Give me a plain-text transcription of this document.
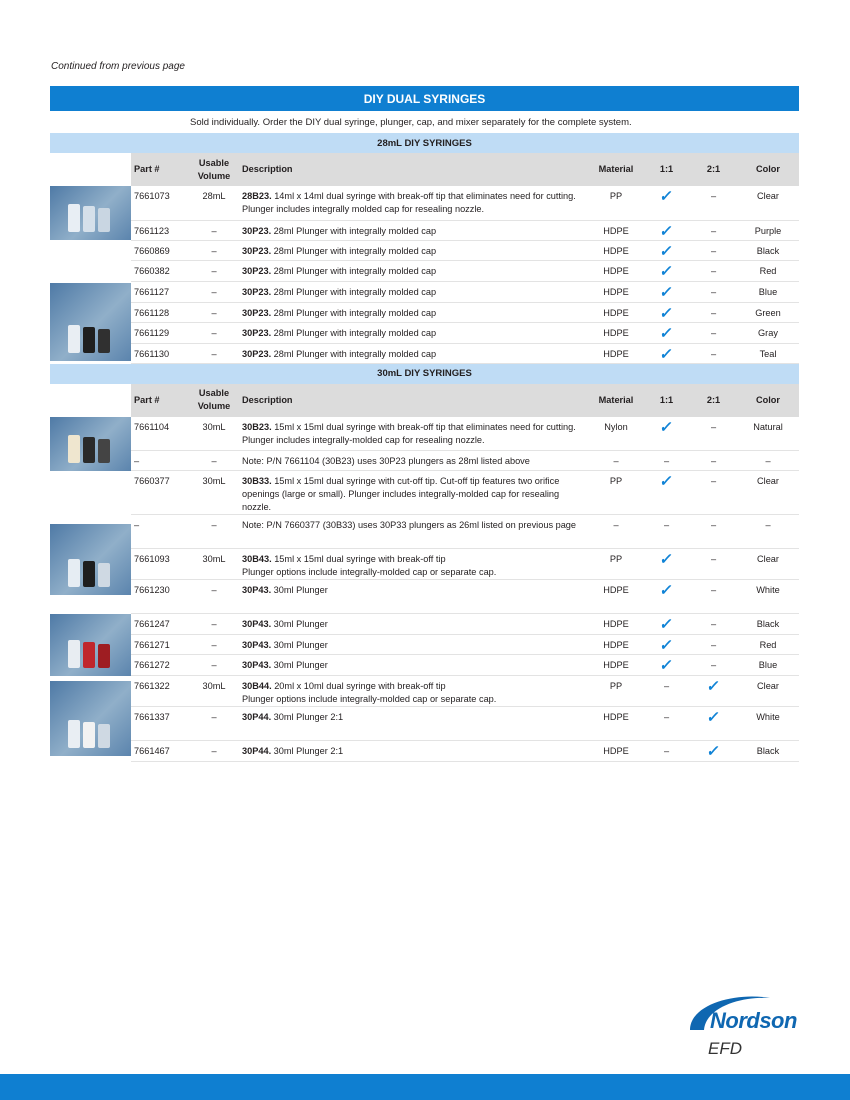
Continued from previous page
DIY DUAL SYRINGES
Sold individually. Order the DIY dual syringe, plunger, cap, and mixer separately for the complete system.
28mL DIY SYRINGES
	Part #	Usable
Volume	Description	Material	1:1	2:1	Color

	7661073	28mL	28B23. 14ml x 14ml dual syringe with break-off tip that eliminates need for cutting.
Plunger includes integrally molded cap for resealing nozzle.	PP	✓	–	Clear
	7661123	–	30P23. 28ml Plunger with integrally molded cap	HDPE	✓	–	Purple

	7660869	–	30P23. 28ml Plunger with integrally molded cap	HDPE	✓	–	Black

	7660382	–	30P23. 28ml Plunger with integrally molded cap	HDPE	✓	–	Red
	7661127	–	30P23. 28ml Plunger with integrally molded cap	HDPE	✓	–	Blue
	7661128	–	30P23. 28ml Plunger with integrally molded cap	HDPE	✓	–	Green
	7661129	–	30P23. 28ml Plunger with integrally molded cap	HDPE	✓	–	Gray
	7661130	–	30P23. 28ml Plunger with integrally molded cap	HDPE	✓	–	Teal
30mL DIY SYRINGES
	Part #	Usable
Volume	Description	Material	1:1	2:1	Color

	7661104	30mL	30B23. 15ml x 15ml dual syringe with break-off tip that eliminates need for cutting.
Plunger includes integrally-molded cap for resealing nozzle.	Nylon	✓	–	Natural
	–	–	Note: P/N 7661104 (30B23) uses 30P23 plungers as 28ml listed above	–	–	–	–

	7660377	30mL	30B33. 15ml x 15ml dual syringe with cut-off tip. Cut-off tip features two orifice
openings (large or small). Plunger includes integrally-molded cap for resealing nozzle.	PP	✓	–	Clear
	–	–	Note: P/N 7660377 (30B33) uses 30P33 plungers as 26ml listed on previous page	–	–	–	–
	7661093	30mL	30B43. 15ml x 15ml dual syringe with break-off tip
Plunger options include integrally-molded cap or separate cap.	PP	✓	–	Clear
	7661230	–	30P43. 30ml Plunger	HDPE	✓	–	White

	7661247	–	30P43. 30ml Plunger	HDPE	✓	–	Black
	7661271	–	30P43. 30ml Plunger	HDPE	✓	–	Red
	7661272	–	30P43. 30ml Plunger	HDPE	✓	–	Blue

	7661322	30mL	30B44. 20ml x 10ml dual syringe with break-off tip
Plunger options include integrally-molded cap or separate cap.	PP	–	✓	Clear
	7661337	–	30P44. 30ml Plunger 2:1	HDPE	–	✓	White
	7661467	–	30P44. 30ml Plunger 2:1	HDPE	–	✓	Black
Nordson
EFD
